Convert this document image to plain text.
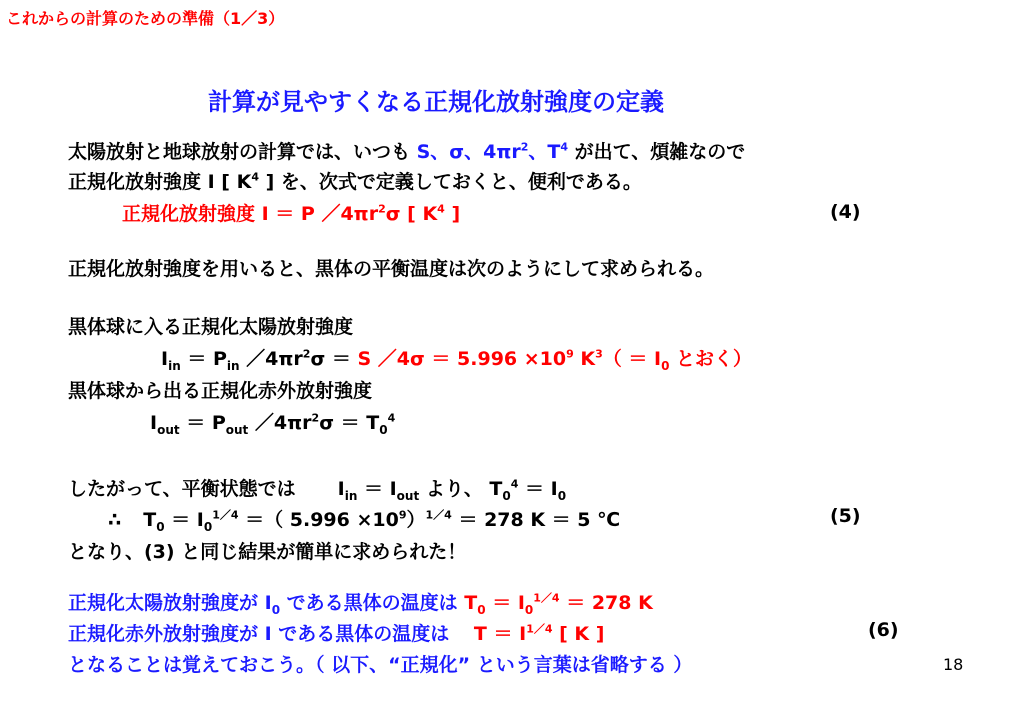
これからの計算のための準備（1／3）
計算が見やすくなる正規化放射強度の定義
太陽放射と地球放射の計算では、いつも S、σ、$4\pi r^2$、$T^4$ が出て、煩雑なので
正規化放射強度 I [ $K^4$ ] を、次式で定義しておくと、便利である。
正規化放射強度 I ＝ P $/4\pi r^2\sigma$ [ $K^4$ ]	(4)
正規化放射強度を用いると、黒体の平衡温度は次のようにして求められる。
黒体球に入る正規化太陽放射強度
$I_{in} = P_{in}$ $/4\pi r^2\sigma = S$ ／4σ ＝ $5.996 \times 10^9$ $K^3( = I_0$ とおく）
黒体球から出る正規化赤外放射強度
$I_{out} = P_{out}$ $/4\pi r^2\sigma = T_0^4$
したがって、平衡状態では $I_{in} = I_{out}$ より、 $T_0^4 = I_0$
∴ $T_0 = I_0^{1/4}$ ＝（ $5.996 \times 10^9)^{1/4} = 278$ K ＝ 5 ℃	(5)
となり、(3) と同じ結果が簡単に求められた！
正規化太陽放射強度が $I_0$ である黒体の温度は $T_0 = I_0^{1/4} = 278$ K
正規化赤外放射強度が I である黒体の温度は $T = I^{1/4}$ [ K ]	(6)
となることは覚えておこう。（ 以下、“正規化” という言葉は省略する ）	18
